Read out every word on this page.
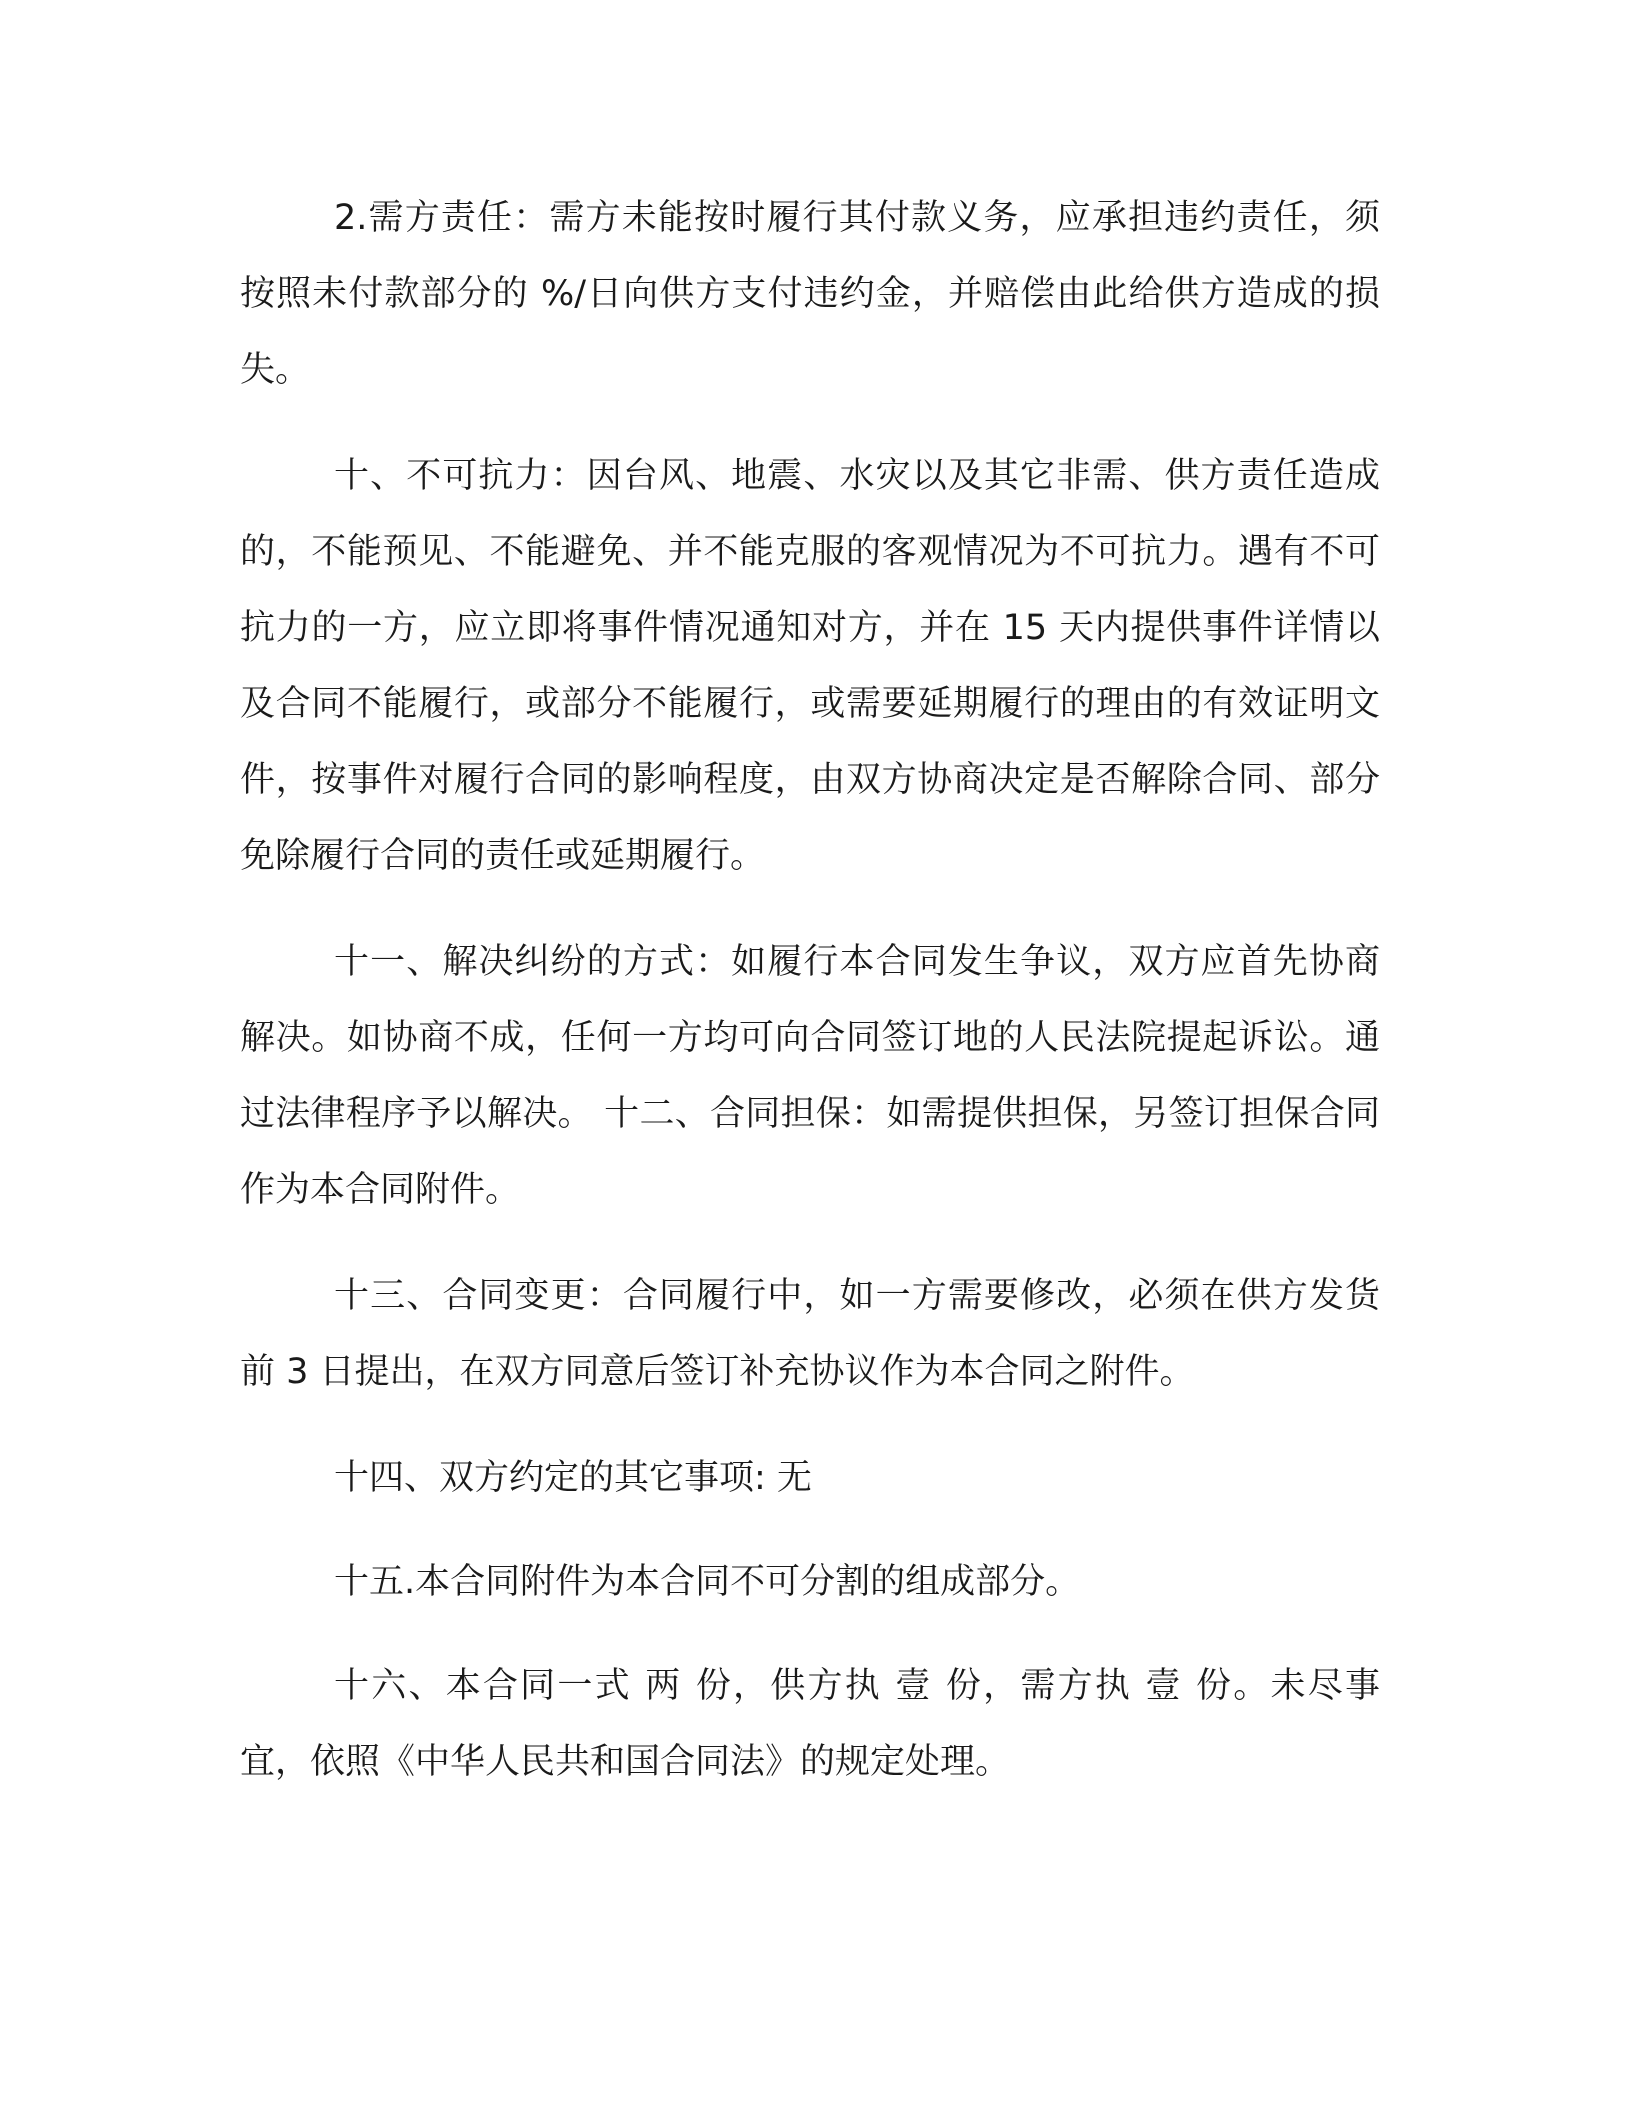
2.需方责任：需方未能按时履行其付款义务，应承担违约责任，须按照未付款部分的 %/日向供方支付违约金，并赔偿由此给供方造成的损失。

十、不可抗力：因台风、地震、水灾以及其它非需、供方责任造成的，不能预见、不能避免、并不能克服的客观情况为不可抗力。遇有不可抗力的一方，应立即将事件情况通知对方，并在 15 天内提供事件详情以及合同不能履行，或部分不能履行，或需要延期履行的理由的有效证明文件，按事件对履行合同的影响程度，由双方协商决定是否解除合同、部分免除履行合同的责任或延期履行。

十一、解决纠纷的方式：如履行本合同发生争议，双方应首先协商解决。如协商不成，任何一方均可向合同签订地的人民法院提起诉讼。通过法律程序予以解决。 十二、合同担保：如需提供担保，另签订担保合同作为本合同附件。

十三、合同变更：合同履行中，如一方需要修改，必须在供方发货前 3 日提出，在双方同意后签订补充协议作为本合同之附件。

十四、双方约定的其它事项: 无

十五.本合同附件为本合同不可分割的组成部分。

十六、本合同一式 两 份，供方执 壹 份，需方执 壹 份。未尽事宜，依照《中华人民共和国合同法》的规定处理。
